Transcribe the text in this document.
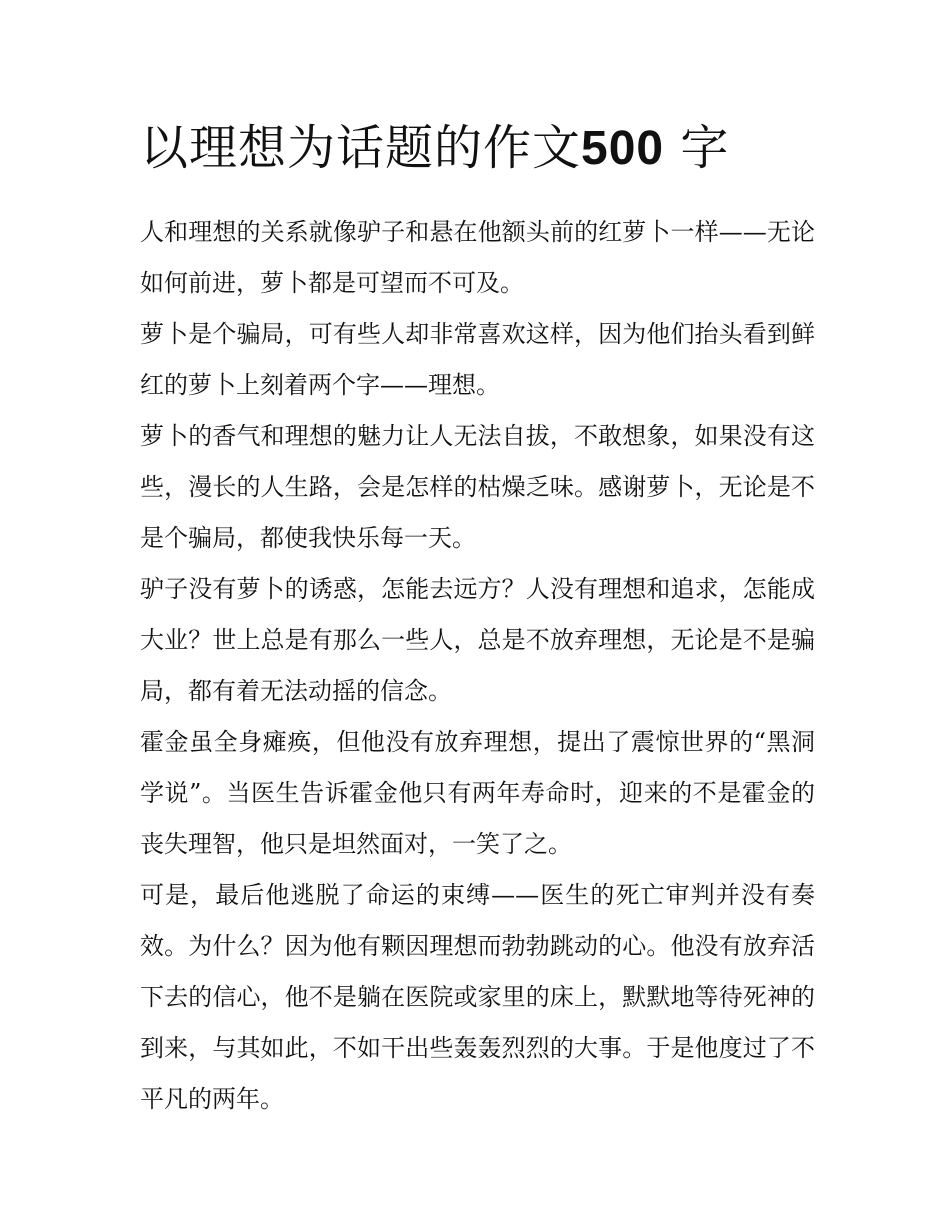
以理想为话题的作文500 字

人和理想的关系就像驴子和悬在他额头前的红萝卜一样——无论如何前进，萝卜都是可望而不可及。

萝卜是个骗局，可有些人却非常喜欢这样，因为他们抬头看到鲜红的萝卜上刻着两个字——理想。

萝卜的香气和理想的魅力让人无法自拔，不敢想象，如果没有这些，漫长的人生路，会是怎样的枯燥乏味。感谢萝卜，无论是不是个骗局，都使我快乐每一天。

驴子没有萝卜的诱惑，怎能去远方？人没有理想和追求，怎能成大业？世上总是有那么一些人，总是不放弃理想，无论是不是骗局，都有着无法动摇的信念。

霍金虽全身瘫痪，但他没有放弃理想，提出了震惊世界的“黑洞学说”。当医生告诉霍金他只有两年寿命时，迎来的不是霍金的丧失理智，他只是坦然面对，一笑了之。

可是，最后他逃脱了命运的束缚——医生的死亡审判并没有奏效。为什么？因为他有颗因理想而勃勃跳动的心。他没有放弃活下去的信心，他不是躺在医院或家里的床上，默默地等待死神的到来，与其如此，不如干出些轰轰烈烈的大事。于是他度过了不平凡的两年。
